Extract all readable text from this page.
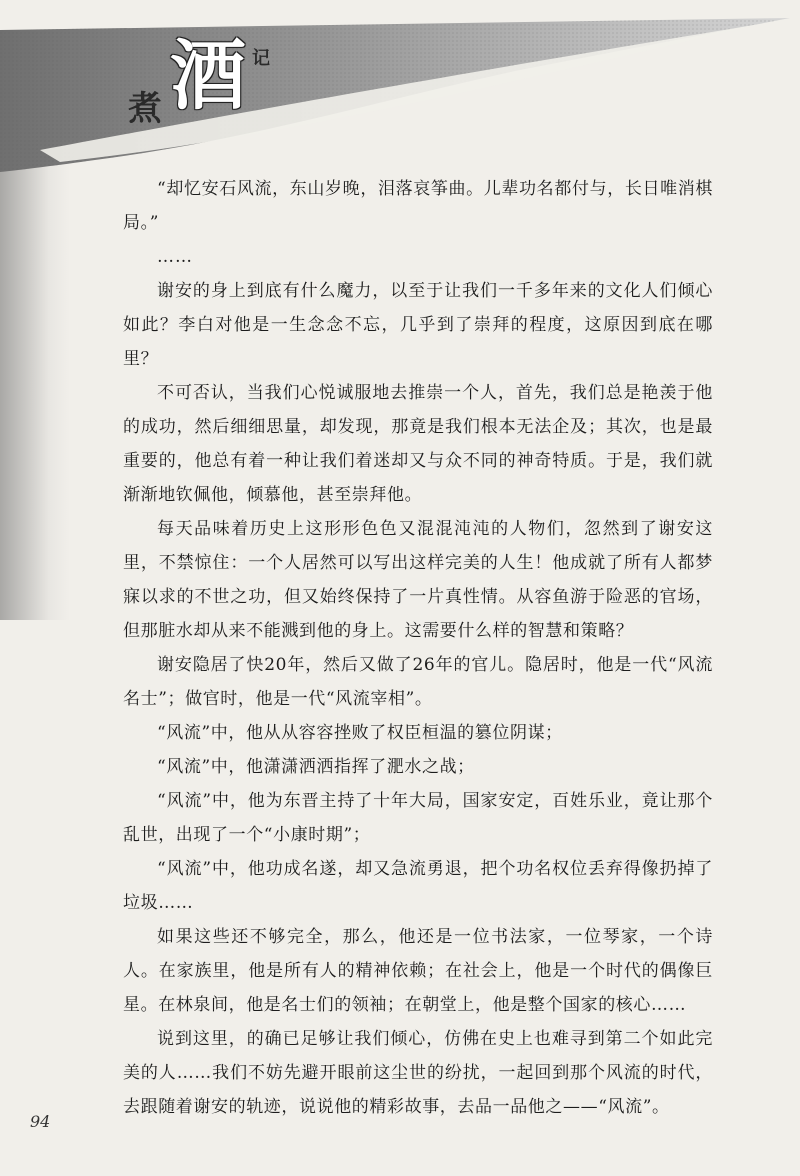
煮 酒 记

“却忆安石风流，东山岁晚，泪落哀筝曲。儿辈功名都付与，长日唯消棋局。”

……

谢安的身上到底有什么魔力，以至于让我们一千多年来的文化人们倾心如此？李白对他是一生念念不忘，几乎到了崇拜的程度，这原因到底在哪里？

不可否认，当我们心悦诚服地去推崇一个人，首先，我们总是艳羡于他的成功，然后细细思量，却发现，那竟是我们根本无法企及；其次，也是最重要的，他总有着一种让我们着迷却又与众不同的神奇特质。于是，我们就渐渐地钦佩他，倾慕他，甚至崇拜他。

每天品味着历史上这形形色色又混混沌沌的人物们，忽然到了谢安这里，不禁惊住：一个人居然可以写出这样完美的人生！他成就了所有人都梦寐以求的不世之功，但又始终保持了一片真性情。从容鱼游于险恶的官场，但那脏水却从来不能溅到他的身上。这需要什么样的智慧和策略？

谢安隐居了快20年，然后又做了26年的官儿。隐居时，他是一代“风流名士”；做官时，他是一代“风流宰相”。

“风流”中，他从从容容挫败了权臣桓温的篡位阴谋；

“风流”中，他潇潇洒洒指挥了淝水之战；

“风流”中，他为东晋主持了十年大局，国家安定，百姓乐业，竟让那个乱世，出现了一个“小康时期”；

“风流”中，他功成名遂，却又急流勇退，把个功名权位丢弃得像扔掉了垃圾……

如果这些还不够完全，那么，他还是一位书法家，一位琴家，一个诗人。在家族里，他是所有人的精神依赖；在社会上，他是一个时代的偶像巨星。在林泉间，他是名士们的领袖；在朝堂上，他是整个国家的核心……

说到这里，的确已足够让我们倾心，仿佛在史上也难寻到第二个如此完美的人……我们不妨先避开眼前这尘世的纷扰，一起回到那个风流的时代，去跟随着谢安的轨迹，说说他的精彩故事，去品一品他之——“风流”。

94
